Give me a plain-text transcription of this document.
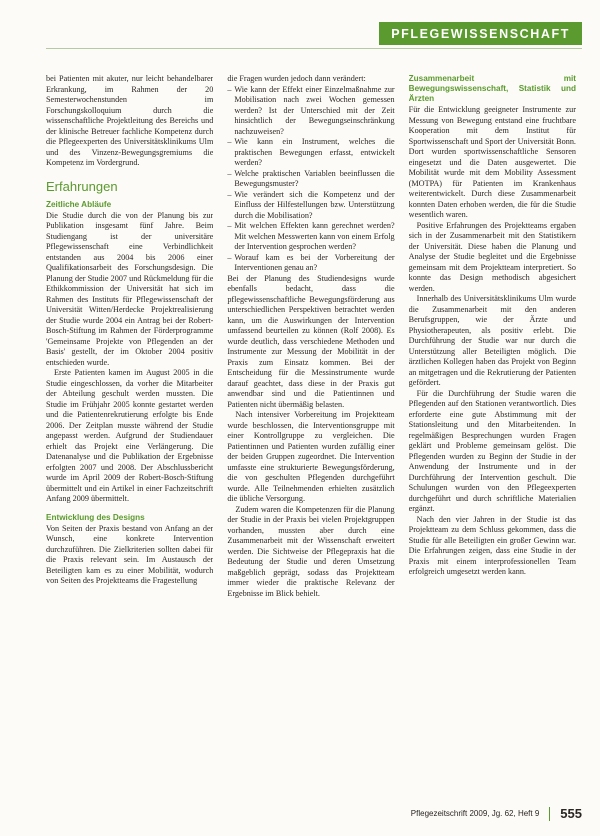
PFLEGEWISSENSCHAFT

bei Patienten mit akuter, nur leicht behandelbarer Erkrankung, im Rahmen der 20 Semesterwochenstunden im Forschungskolloquium durch die wissenschaftliche Projektleitung des Bereichs und der klinische Betreuer fachliche Kompetenz durch die Pflegeexperten des Universitätsklinikums Ulm und des Vinzenz-Bewegungsgremiums die Kompetenz im Vordergrund.

Erfahrungen
Zeitliche Abläufe

Die Studie durch die von der Planung bis zur Publikation insgesamt fünf Jahre. Beim Studiengang ist der universitäre Pflegewissenschaft eine Verbindlichkeit entstanden aus 2004 bis 2006 einer Qualifikationsarbeit des Forschungsdesign. Die Planung der Studie 2007 und Rückmeldung für die Ethikkommission der Universität hat sich im Rahmen des Instituts für Pflegewissenschaft der Universität Witten/Herdecke Projektrealisierung der Studie wurde 2004 ein Antrag bei der Robert-Bosch-Stiftung im Rahmen der Förderprogramme 'Gemeinsame Projekte von Pflegenden an der Basis' gestellt, der im Oktober 2004 positiv entschieden wurde.

Erste Patienten kamen im August 2005 in die Studie eingeschlossen, da vorher die Mitarbeiter der Abteilung geschult werden mussten. Die Studie im Frühjahr 2005 konnte gestartet werden und die Patientenrekrutierung erfolgte bis Ende 2006. Der Zeitplan musste während der Studie angepasst werden. Aufgrund der Studiendauer erhielt das Projekt eine Verlängerung. Die Datenanalyse und die Publikation der Ergebnisse erfolgten 2007 und 2008. Der Abschlussbericht wurde im April 2009 der Robert-Bosch-Stiftung übermittelt und ein Artikel in einer Fachzeitschrift Anfang 2009 übermittelt.

Entwicklung des Designs

Von Seiten der Praxis bestand von Anfang an der Wunsch, eine konkrete Intervention durchzuführen. Die Zielkriterien sollten dabei für die Praxis relevant sein. Im Austausch der Beteiligten kam es zu einer Mobilität, wodurch von Seiten des Projektteams die Fragestellung

die Fragen wurden jedoch dann verändert:

– Wie kann der Effekt einer Einzelmaßnahme zur Mobilisation nach zwei Wochen gemessen werden? Ist der Unterschied mit der Zeit hinsichtlich der Bewegungseinschränkung nachzuweisen?
– Wie kann ein Instrument, welches die praktischen Bewegungen erfasst, entwickelt werden?
– Welche praktischen Variablen beeinflussen die Bewegungsmuster?
– Wie verändert sich die Kompetenz und der Einfluss der Hilfestellungen bzw. Unterstützung durch die Mobilisation?
– Mit welchen Effekten kann gerechnet werden? Mit welchen Messwerten kann von einem Erfolg der Intervention gesprochen werden?
– Worauf kam es bei der Vorbereitung der Interventionen genau an?

Bei der Planung des Studiendesigns wurde ebenfalls bedacht, dass die pflegewissenschaftliche Bewegungsförderung aus unterschiedlichen Perspektiven betrachtet werden kann, um die Auswirkungen der Intervention umfassend beurteilen zu können (Rolf 2008). Es wurde deutlich, dass verschiedene Methoden und Instrumente zur Messung der Mobilität in der Praxis zum Einsatz kommen. Bei der Entscheidung für die Messinstrumente wurde darauf geachtet, dass diese in der Praxis gut anwendbar sind und die Patientinnen und Patienten nicht übermäßig belasten.

Nach intensiver Vorbereitung im Projektteam wurde beschlossen, die Interventionsgruppe mit einer Kontrollgruppe zu vergleichen. Die Patientinnen und Patienten wurden zufällig einer der beiden Gruppen zugeordnet. Die Intervention umfasste eine strukturierte Bewegungsförderung, die von geschulten Pflegenden durchgeführt wurde. Alle Teilnehmenden erhielten zusätzlich die übliche Versorgung.

Zudem waren die Kompetenzen für die Planung der Studie in der Praxis bei vielen Projektgruppen vorhanden, mussten aber durch eine Zusammenarbeit mit der Wissenschaft erweitert werden. Die Sichtweise der Pflegepraxis hat die Bedeutung der Studie und deren Umsetzung maßgeblich geprägt, sodass das Projektteam immer wieder die praktische Relevanz der Ergebnisse im Blick behielt.

Zusammenarbeit mit Bewegungswissenschaft, Statistik und Ärzten

Für die Entwicklung geeigneter Instrumente zur Messung von Bewegung entstand eine fruchtbare Kooperation mit dem Institut für Sportwissenschaft und Sport der Universität Bonn. Dort wurden sportwissenschaftliche Sensoren eingesetzt und die Daten ausgewertet. Die Mobilität wurde mit dem Mobility Assessment (MOTPA) für Patienten im Krankenhaus weiterentwickelt. Durch diese Zusammenarbeit konnten Daten erhoben werden, die für die Studie wesentlich waren.

Positive Erfahrungen des Projektteams ergaben sich in der Zusammenarbeit mit den Statistikern der Universität. Diese haben die Planung und Analyse der Studie begleitet und die Ergebnisse gemeinsam mit dem Projektteam interpretiert. So konnte das Design methodisch abgesichert werden.

Innerhalb des Universitätsklinikums Ulm wurde die Zusammenarbeit mit den anderen Berufsgruppen, wie der Ärzte und Physiotherapeuten, als positiv erlebt. Die Durchführung der Studie war nur durch die Unterstützung aller Beteiligten möglich. Die ärztlichen Kollegen haben das Projekt von Beginn an mitgetragen und die Rekrutierung der Patienten gefördert.

Für die Durchführung der Studie waren die Pflegenden auf den Stationen verantwortlich. Dies erforderte eine gute Abstimmung mit der Stationsleitung und den Mitarbeitenden. In regelmäßigen Besprechungen wurden Fragen geklärt und Probleme gemeinsam gelöst. Die Pflegenden wurden zu Beginn der Studie in der Anwendung der Instrumente und in der Durchführung der Intervention geschult. Die Schulungen wurden von den Pflegeexperten durchgeführt und durch schriftliche Materialien ergänzt.

Nach den vier Jahren in der Studie ist das Projektteam zu dem Schluss gekommen, dass die Studie für alle Beteiligten ein großer Gewinn war. Die Erfahrungen zeigen, dass eine Studie in der Praxis mit einem interprofessionellen Team erfolgreich umgesetzt werden kann.

Pflegezeitschrift 2009, Jg. 62, Heft 9 555
